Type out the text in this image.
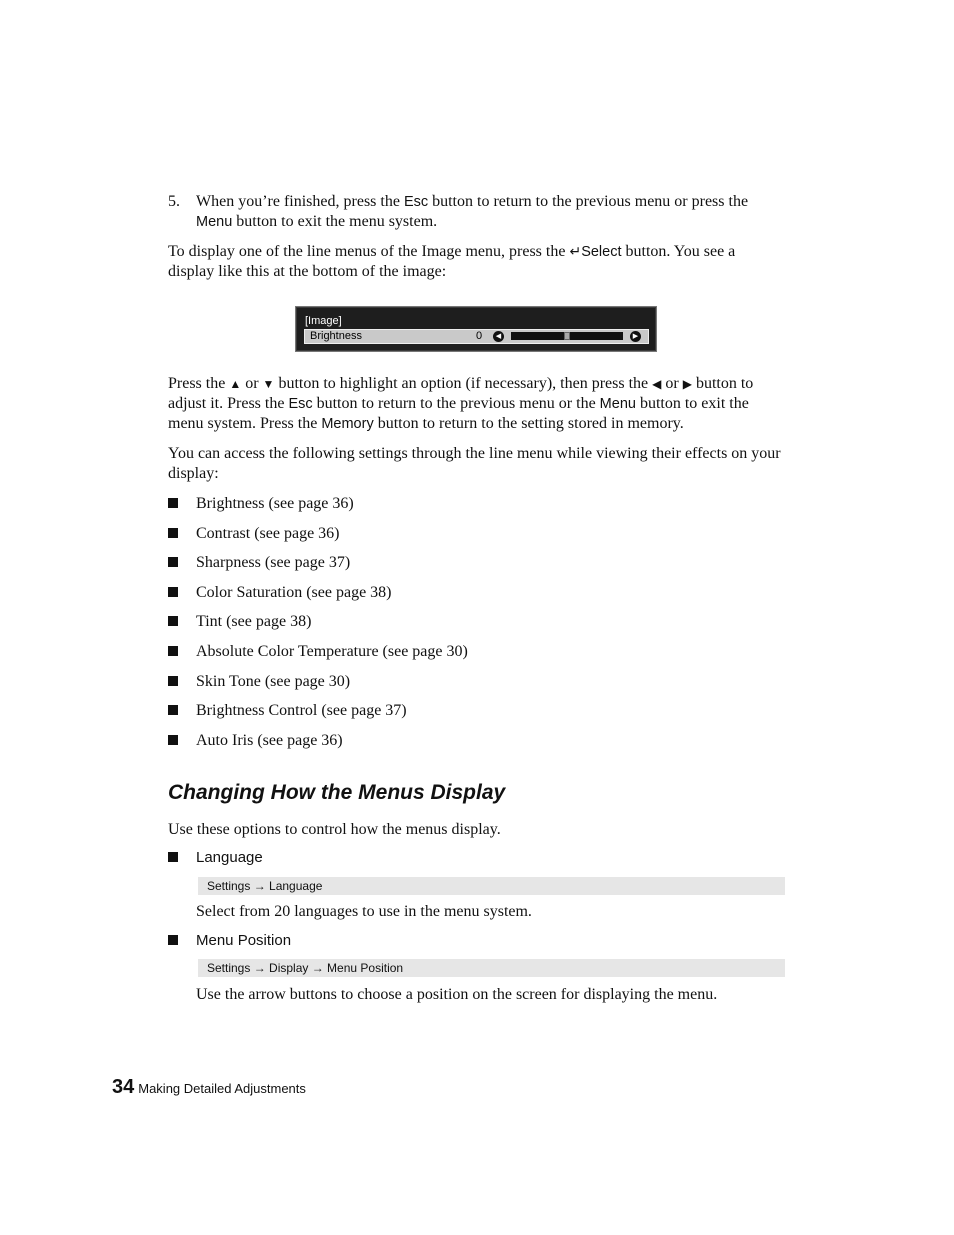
5. When you’re finished, press the Esc button to return to the previous menu or press the Menu button to exit the menu system.

To display one of the line menus of the Image menu, press the ↵Select button. You see a display like this at the bottom of the image:

[Image]
Brightness	0	◀	▶

Press the ▲ or ▼ button to highlight an option (if necessary), then press the ◀ or ▶ button to adjust it. Press the Esc button to return to the previous menu or the Menu button to exit the menu system. Press the Memory button to return to the setting stored in memory.

You can access the following settings through the line menu while viewing their effects on your display:

Brightness (see page 36)
Contrast (see page 36)
Sharpness (see page 37)
Color Saturation (see page 38)
Tint (see page 38)
Absolute Color Temperature (see page 30)
Skin Tone (see page 30)
Brightness Control (see page 37)
Auto Iris (see page 36)
Changing How the Menus Display

Use these options to control how the menus display.

Language
Settings → Language

Select from 20 languages to use in the menu system.

Menu Position
Settings → Display → Menu Position

Use the arrow buttons to choose a position on the screen for displaying the menu.

34 Making Detailed Adjustments
